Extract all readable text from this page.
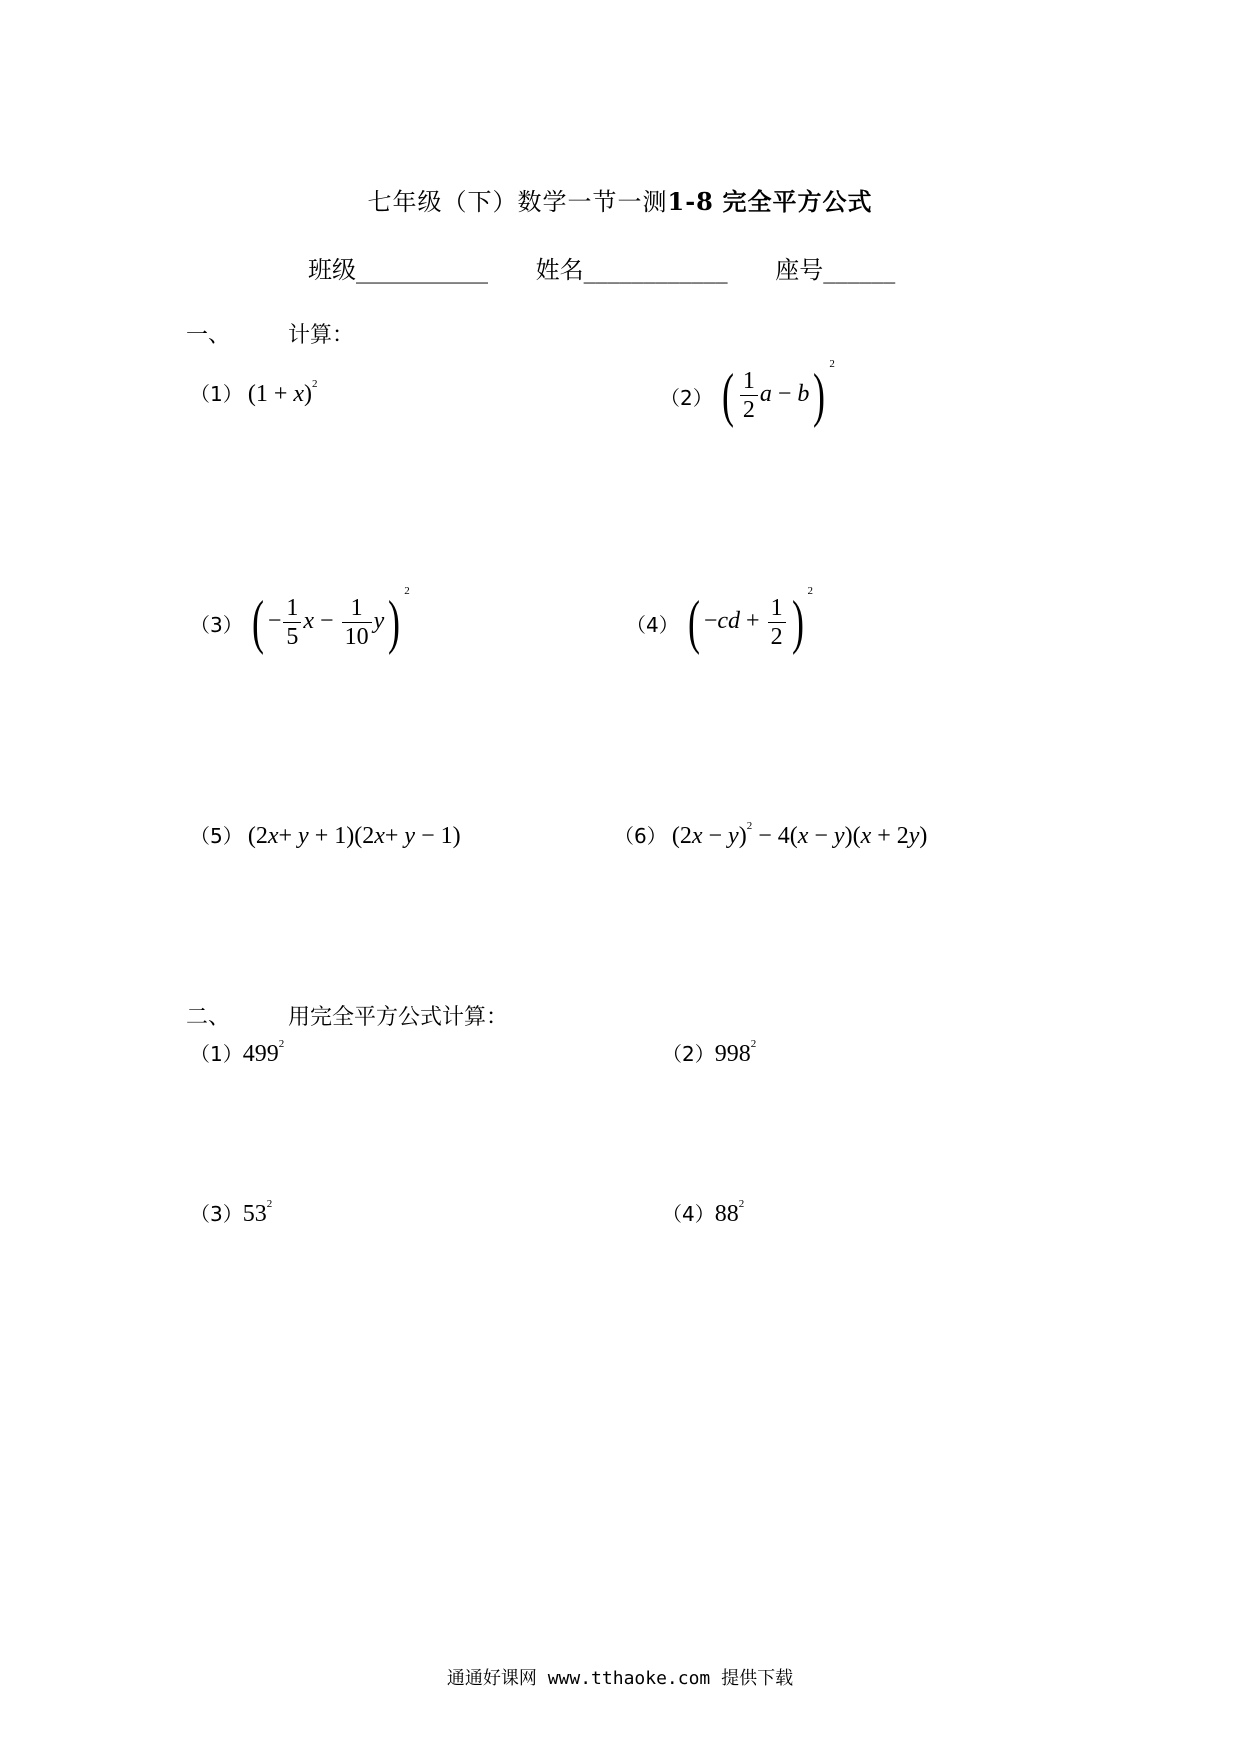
七年级（下）数学一节一测1-8 完全平方公式
班级___________ 姓名____________ 座号______
一、	计算：
（1） $(1 + x)^2$
（2） ( $\frac{1}{2}$ a − b) $^2$
（3） ( − $\frac{1}{5}$ $x - \frac{1}{10} y$) $^2$
（4） ( $-cd + \frac{1}{2}$ ) $^2$
（5） (2x+ y + 1)(2x+ y − 1)	（6） $(2x - y)^2 - 4(x - y)(x + 2y)$
二、	用完全平方公式计算：
$(1)499^2$	$(2)998^2$
$(3)53^2$	$(4)88^2$
通通好课网 www.tthaoke.com 提供下载
